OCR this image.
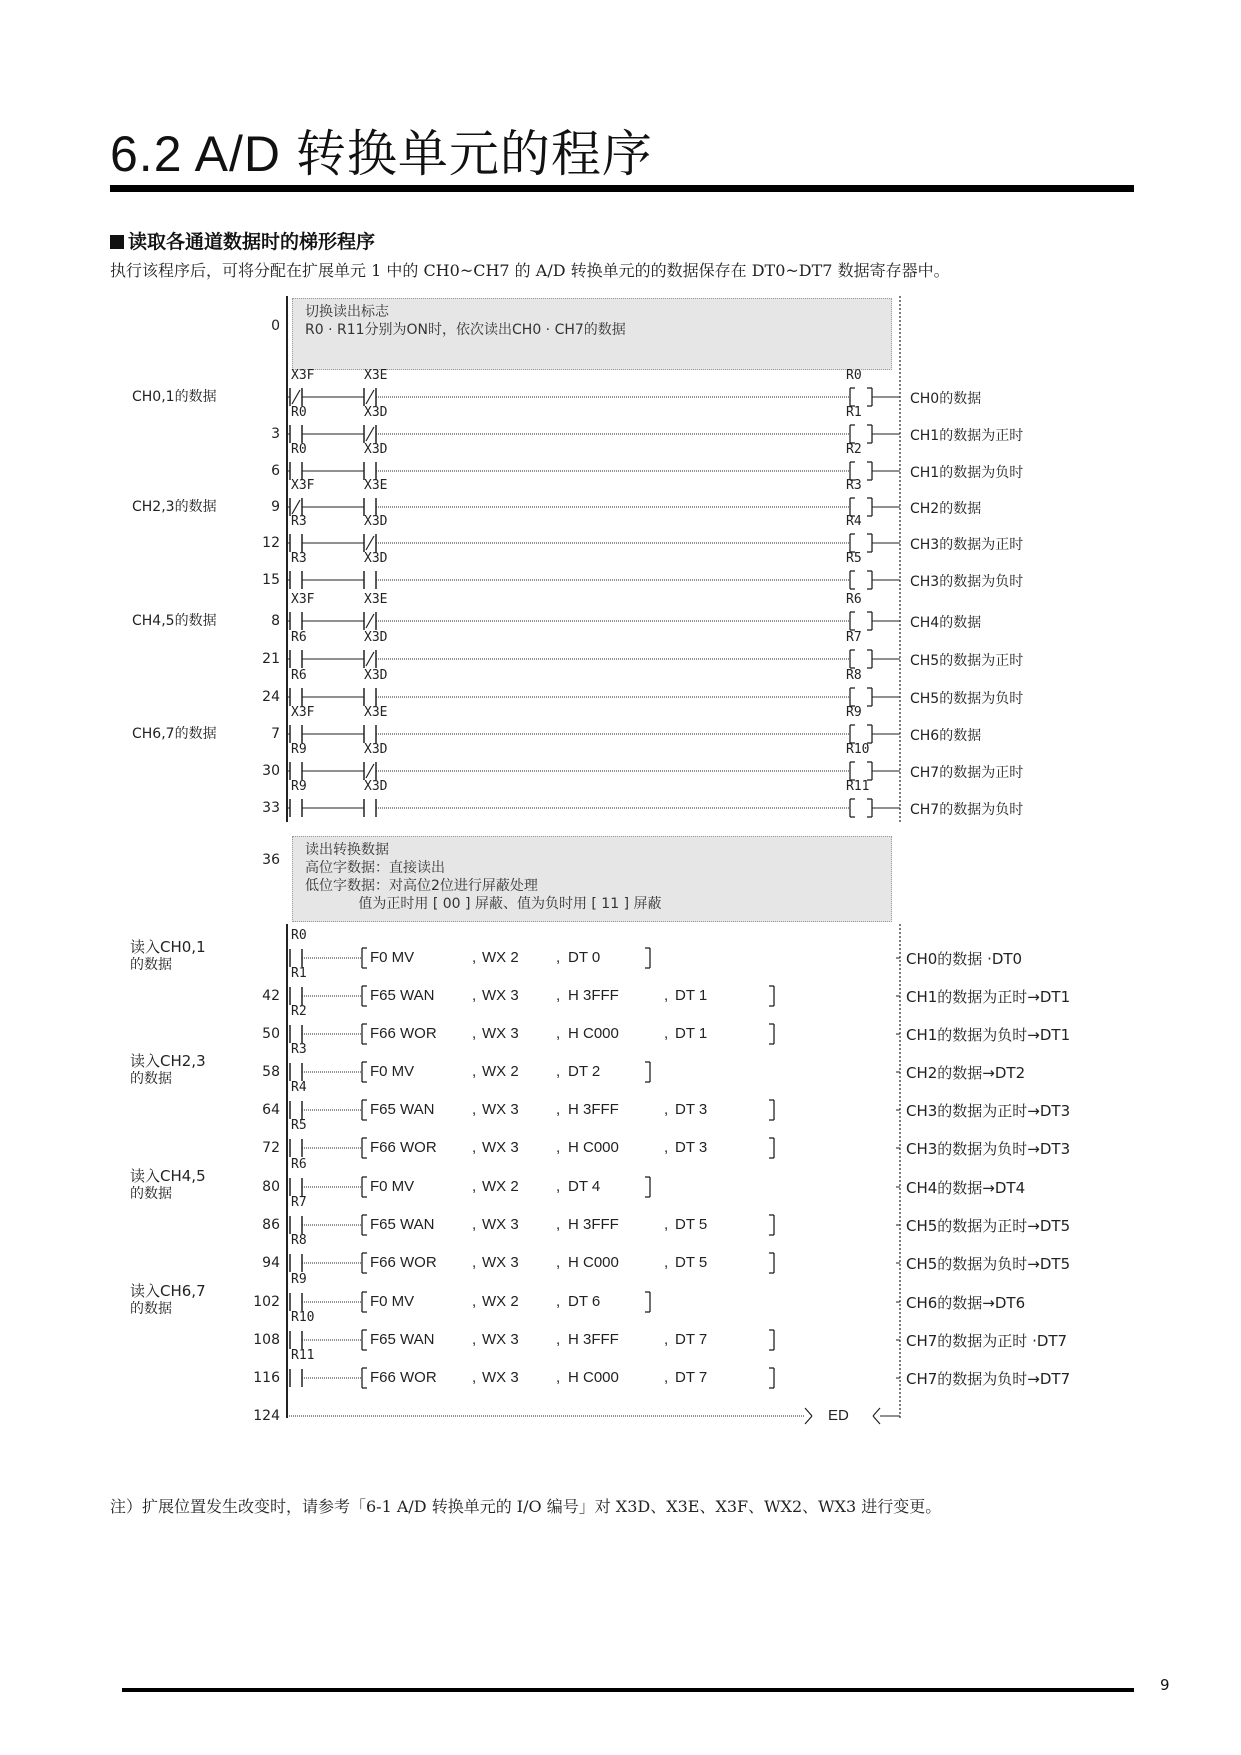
6.2 A/D 转换单元的程序
读取各通道数据时的梯形程序
执行该程序后，可将分配在扩展单元 1 中的 CH0~CH7 的 A/D 转换单元的的数据保存在 DT0~DT7 数据寄存器中。
切换读出标志
R0 · R11分别为ON时，依次读出CH0 · CH7的数据
0
读出转换数据
高位字数据：直接读出
低位字数据：对高位2位进行屏蔽处理
值为正时用 [ 00 ] 屏蔽、值为负时用 [ 11 ] 屏蔽
36
X3F	X3E	R0
CH0的数据
R0	X3D	R1
3	CH1的数据为正时
R0	X3D	R2
6	CH1的数据为负时
X3F	X3E	R3
9	CH2的数据
R3	X3D	R4
12	CH3的数据为正时
R3	X3D	R5
15	CH3的数据为负时
X3F	X3E	R6
8	CH4的数据
R6	X3D	R7
21	CH5的数据为正时
R6	X3D	R8
24	CH5的数据为负时
X3F	X3E	R9
7	CH6的数据
R9	X3D	R10
30	CH7的数据为正时
R9	X3D	R11
33	CH7的数据为负时
CH0,1的数据
CH2,3的数据
CH4,5的数据
CH6,7的数据
R0
F0 MV	, WX 2 , DT 0	CH0的数据 ·DT0
R1
F65 WAN	, WX 3 , H 3FFF	, DT 1
42	CH1的数据为正时→DT1
R2
F66 WOR , WX 3 , H C000	, DT 1
50	CH1的数据为负时→DT1
R3
F0 MV	, WX 2 , DT 2
58	CH2的数据→DT2
R4
F65 WAN	, WX 3 , H 3FFF	, DT 3
64	CH3的数据为正时→DT3
R5
F66 WOR , WX 3 , H C000	, DT 3
72	CH3的数据为负时→DT3
R6
F0 MV	, WX 2 , DT 4
80	CH4的数据→DT4
R7
F65 WAN	, WX 3 , H 3FFF	, DT 5
86	CH5的数据为正时→DT5
R8
F66 WOR , WX 3 , H C000	, DT 5
94	CH5的数据为负时→DT5
R9
F0 MV	, WX 2 , DT 6
102	CH6的数据→DT6
R10
F65 WAN	, WX 3 , H 3FFF	, DT 7
108	CH7的数据为正时 ·DT7
R11
F66 WOR , WX 3 , H C000	, DT 7
116	CH7的数据为负时→DT7
读入CH0,1
的数据
读入CH2,3
的数据
读入CH4,5
的数据
读入CH6,7
的数据
124	ED
注）扩展位置发生改变时，请参考「6-1 A/D 转换单元的 I/O 编号」对 X3D、X3E、X3F、WX2、WX3 进行变更。
9
